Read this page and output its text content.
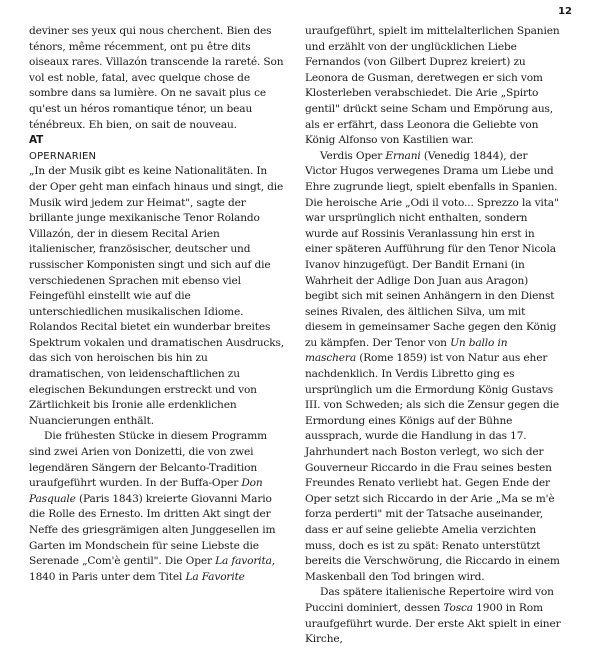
12

deviner ses yeux qui nous cherchent. Bien des ténors, même récemment, ont pu être dits oiseaux rares. Villazón transcende la rareté. Son vol est noble, fatal, avec quelque chose de sombre dans sa lumière. On ne savait plus ce qu'est un héros romantique ténor, un beau ténébreux. Eh bien, on sait de nouveau.

AT

OPERNARIEN

„In der Musik gibt es keine Nationalitäten. In der Oper geht man einfach hinaus und singt, die Musik wird jedem zur Heimat", sagte der brillante junge mexikanische Tenor Rolando Villazón, der in diesem Recital Arien italienischer, französischer, deutscher und russischer Komponisten singt und sich auf die verschiedenen Sprachen mit ebenso viel Feingefühl einstellt wie auf die unterschiedlichen musikalischen Idiome. Rolandos Recital bietet ein wunderbar breites Spektrum vokalen und dramatischen Ausdrucks, das sich von heroischen bis hin zu dramatischen, von leidenschaftlichen zu elegischen Bekundungen erstreckt und von Zärtlichkeit bis Ironie alle erdenklichen Nuancierungen enthält.

Die frühesten Stücke in diesem Programm sind zwei Arien von Donizetti, die von zwei legendären Sängern der Belcanto-Tradition uraufgeführt wurden. In der Buffa-Oper Don Pasquale (Paris 1843) kreierte Giovanni Mario die Rolle des Ernesto. Im dritten Akt singt der Neffe des griesgrämigen alten Junggesellen im Garten im Mondschein für seine Liebste die Serenade „Com'è gentil". Die Oper La favorita, 1840 in Paris unter dem Titel La Favorite

uraufgeführt, spielt im mittelalterlichen Spanien und erzählt von der unglücklichen Liebe Fernandos (von Gilbert Duprez kreiert) zu Leonora de Gusman, deretwegen er sich vom Klosterleben verabschiedet. Die Arie „Spirto gentil" drückt seine Scham und Empörung aus, als er erfährt, dass Leonora die Geliebte von König Alfonso von Kastilien war.

Verdis Oper Ernani (Venedig 1844), der Victor Hugos verwegenes Drama um Liebe und Ehre zugrunde liegt, spielt ebenfalls in Spanien. Die heroische Arie „Odi il voto... Sprezzo la vita" war ursprünglich nicht enthalten, sondern wurde auf Rossinis Veranlassung hin erst in einer späteren Aufführung für den Tenor Nicola Ivanov hinzugefügt. Der Bandit Ernani (in Wahrheit der Adlige Don Juan aus Aragon) begibt sich mit seinen Anhängern in den Dienst seines Rivalen, des ältlichen Silva, um mit diesem in gemeinsamer Sache gegen den König zu kämpfen. Der Tenor von Un ballo in maschera (Rome 1859) ist von Natur aus eher nachdenklich. In Verdis Libretto ging es ursprünglich um die Ermordung König Gustavs III. von Schweden; als sich die Zensur gegen die Ermordung eines Königs auf der Bühne aussprach, wurde die Handlung in das 17. Jahrhundert nach Boston verlegt, wo sich der Gouverneur Riccardo in die Frau seines besten Freundes Renato verliebt hat. Gegen Ende der Oper setzt sich Riccardo in der Arie „Ma se m'è forza perderti" mit der Tatsache auseinander, dass er auf seine geliebte Amelia verzichten muss, doch es ist zu spät: Renato unterstützt bereits die Verschwörung, die Riccardo in einem Maskenball den Tod bringen wird.

Das spätere italienische Repertoire wird von Puccini dominiert, dessen Tosca 1900 in Rom uraufgeführt wurde. Der erste Akt spielt in einer Kirche,
